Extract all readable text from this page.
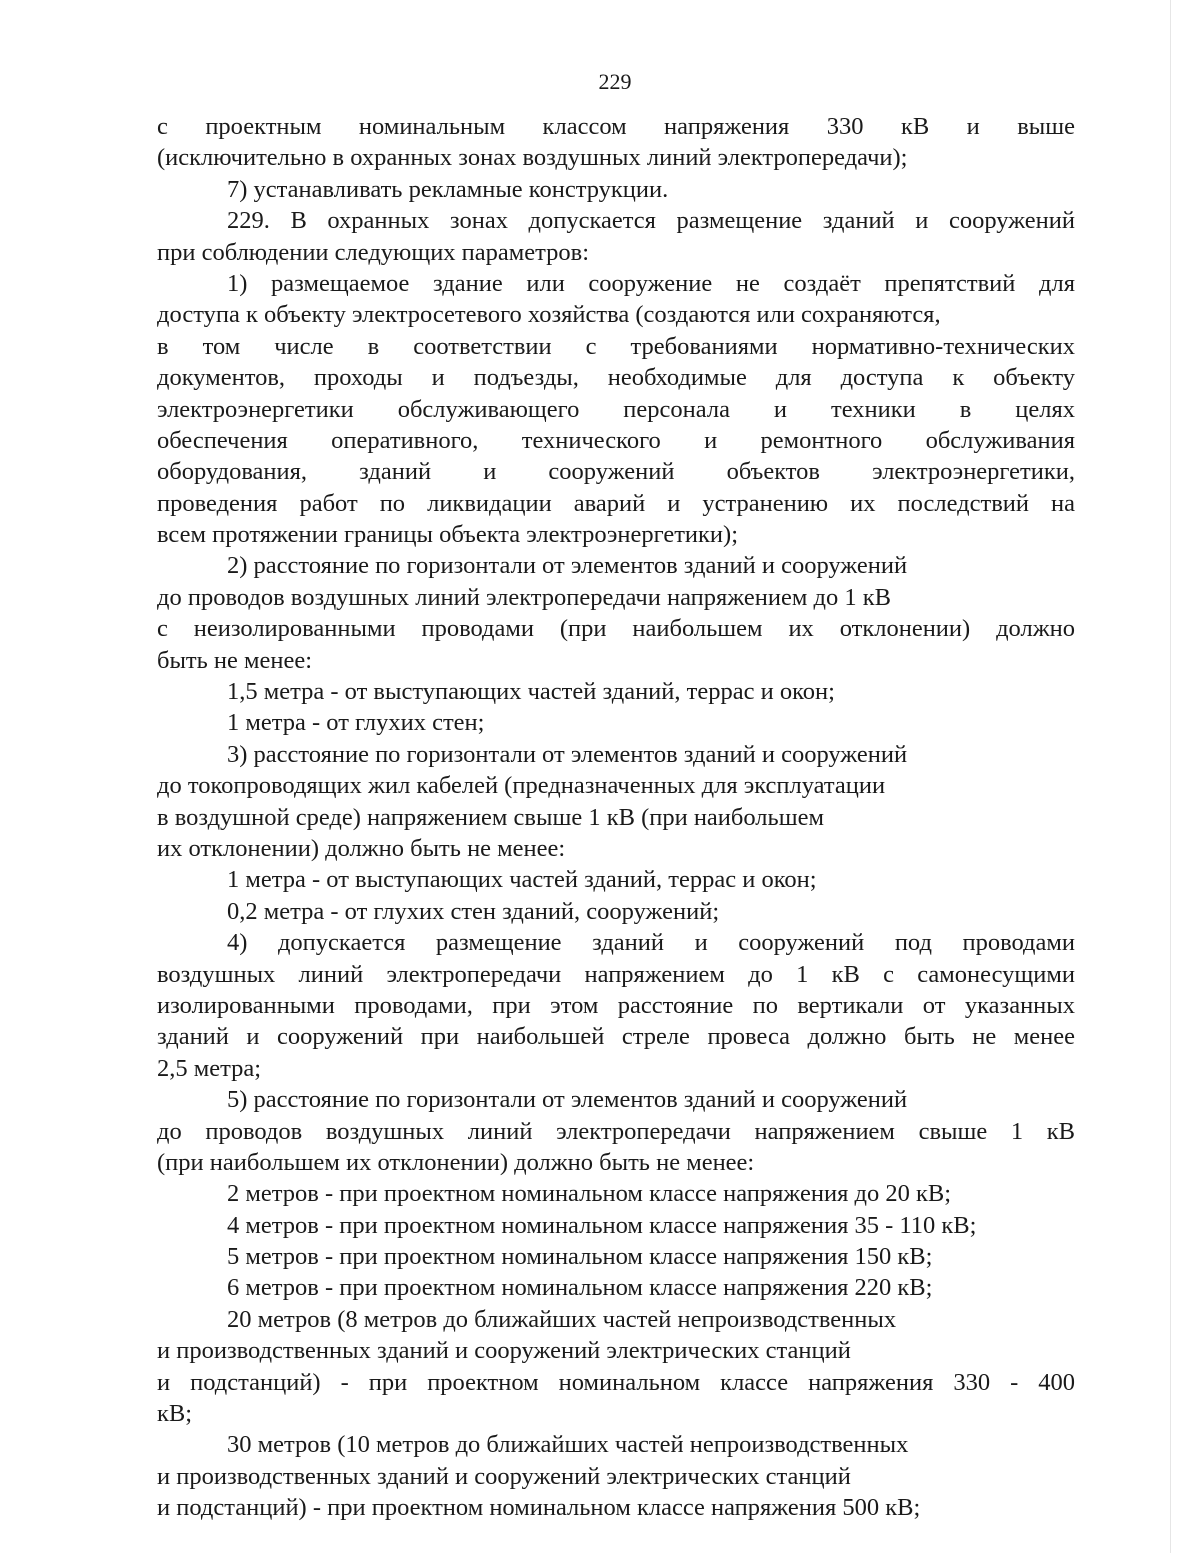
229
с проектным номинальным классом напряжения 330 кВ и выше
(исключительно в охранных зонах воздушных линий электропередачи);
7) устанавливать рекламные конструкции.
229. В охранных зонах допускается размещение зданий и сооружений
при соблюдении следующих параметров:
1) размещаемое здание или сооружение не создаёт препятствий для
доступа к объекту электросетевого хозяйства (создаются или сохраняются,
в том числе в соответствии с требованиями нормативно-технических
документов, проходы и подъезды, необходимые для доступа к объекту
электроэнергетики обслуживающего персонала и техники в целях
обеспечения оперативного, технического и ремонтного обслуживания
оборудования, зданий и сооружений объектов электроэнергетики,
проведения работ по ликвидации аварий и устранению их последствий на
всем протяжении границы объекта электроэнергетики);
2) расстояние по горизонтали от элементов зданий и сооружений
до проводов воздушных линий электропередачи напряжением до 1 кВ
с неизолированными проводами (при наибольшем их отклонении) должно
быть не менее:
1,5 метра - от выступающих частей зданий, террас и окон;
1 метра - от глухих стен;
3) расстояние по горизонтали от элементов зданий и сооружений
до токопроводящих жил кабелей (предназначенных для эксплуатации
в воздушной среде) напряжением свыше 1 кВ (при наибольшем
их отклонении) должно быть не менее:
1 метра - от выступающих частей зданий, террас и окон;
0,2 метра - от глухих стен зданий, сооружений;
4) допускается размещение зданий и сооружений под проводами
воздушных линий электропередачи напряжением до 1 кВ с самонесущими
изолированными проводами, при этом расстояние по вертикали от указанных
зданий и сооружений при наибольшей стреле провеса должно быть не менее
2,5 метра;
5) расстояние по горизонтали от элементов зданий и сооружений
до проводов воздушных линий электропередачи напряжением свыше 1 кВ
(при наибольшем их отклонении) должно быть не менее:
2 метров - при проектном номинальном классе напряжения до 20 кВ;
4 метров - при проектном номинальном классе напряжения 35 - 110 кВ;
5 метров - при проектном номинальном классе напряжения 150 кВ;
6 метров - при проектном номинальном классе напряжения 220 кВ;
20 метров (8 метров до ближайших частей непроизводственных
и производственных зданий и сооружений электрических станций
и подстанций) - при проектном номинальном классе напряжения 330 - 400
кВ;
30 метров (10 метров до ближайших частей непроизводственных
и производственных зданий и сооружений электрических станций
и подстанций) - при проектном номинальном классе напряжения 500 кВ;
